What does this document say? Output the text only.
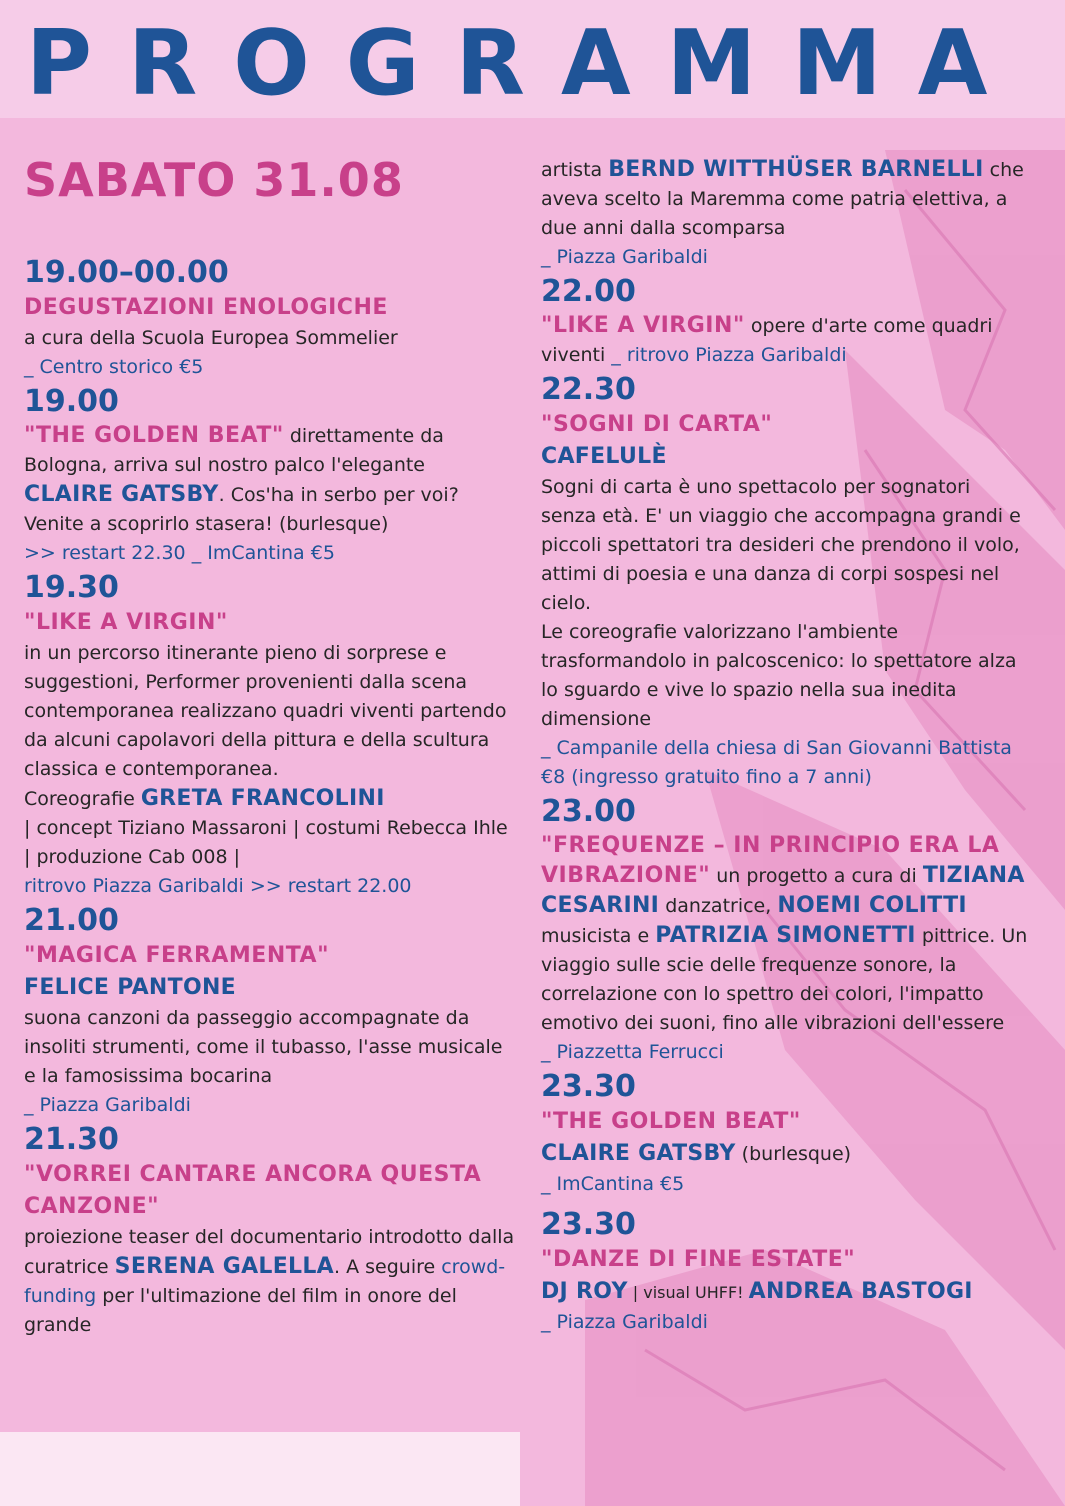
PROGRAMMA
SABATO 31.08
19.00–00.00
DEGUSTAZIONI ENOLOGICHE
a cura della Scuola Europea Sommelier
_ Centro storico €5
19.00
"THE GOLDEN BEAT" direttamente da Bologna, arriva sul nostro palco l'elegante CLAIRE GATSBY. Cos'ha in serbo per voi? Venite a scoprirlo stasera! (burlesque)
>> restart 22.30 _ ImCantina €5
19.30
"LIKE A VIRGIN"
in un percorso itinerante pieno di sorprese e suggestioni, Performer provenienti dalla scena contemporanea realizzano quadri viventi partendo da alcuni capolavori della pittura e della scultura classica e contemporanea.
Coreografie GRETA FRANCOLINI
| concept Tiziano Massaroni | costumi Rebecca Ihle | produzione Cab 008 |
ritrovo Piazza Garibaldi >> restart 22.00
21.00
"MAGICA FERRAMENTA"
FELICE PANTONE
suona canzoni da passeggio accompagnate da insoliti strumenti, come il tubasso, l'asse musicale e la famosissima bocarina
_ Piazza Garibaldi
21.30
"VORREI CANTARE ANCORA QUESTA CANZONE"
proiezione teaser del documentario introdotto dalla curatrice SERENA GALELLA. A seguire crowd-funding per l'ultimazione del film in onore del grande
artista BERND WITTHÜSER BARNELLI che aveva scelto la Maremma come patria elettiva, a due anni dalla scomparsa
_ Piazza Garibaldi
22.00
"LIKE A VIRGIN" opere d'arte come quadri viventi _ ritrovo Piazza Garibaldi
22.30
"SOGNI DI CARTA"
CAFELULÈ
Sogni di carta è uno spettacolo per sognatori senza età. E' un viaggio che accompagna grandi e piccoli spettatori tra desideri che prendono il volo, attimi di poesia e una danza di corpi sospesi nel cielo.
Le coreografie valorizzano l'ambiente trasformandolo in palcoscenico: lo spettatore alza lo sguardo e vive lo spazio nella sua inedita dimensione
_ Campanile della chiesa di San Giovanni Battista €8 (ingresso gratuito fino a 7 anni)
23.00
"FREQUENZE – IN PRINCIPIO ERA LA VIBRAZIONE" un progetto a cura di TIZIANA CESARINI danzatrice, NOEMI COLITTI musicista e PATRIZIA SIMONETTI pittrice. Un viaggio sulle scie delle frequenze sonore, la correlazione con lo spettro dei colori, l'impatto emotivo dei suoni, fino alle vibrazioni dell'essere
_ Piazzetta Ferrucci
23.30
"THE GOLDEN BEAT"
CLAIRE GATSBY (burlesque)
_ ImCantina €5
23.30
"DANZE DI FINE ESTATE"
DJ ROY | visual UHFF! ANDREA BASTOGI
_ Piazza Garibaldi
